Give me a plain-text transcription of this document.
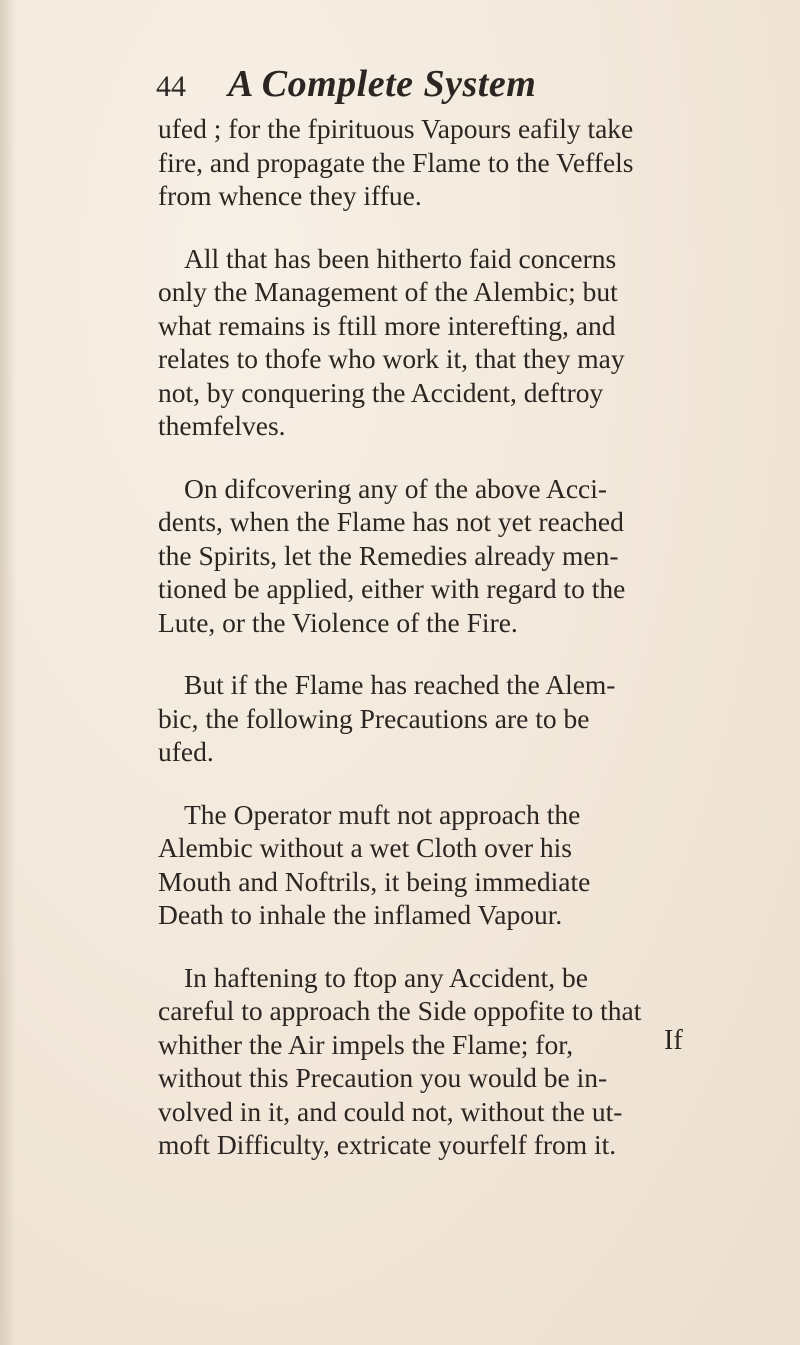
44 A Complete System
ufed ; for the fpirituous Vapours eafily take
fire, and propagate the Flame to the Veffels
from whence they iffue.
All that has been hitherto faid concerns
only the Management of the Alembic; but
what remains is ftill more interefting, and
relates to thofe who work it, that they may
not, by conquering the Accident, deftroy
themfelves.
On difcovering any of the above Acci-
dents, when the Flame has not yet reached
the Spirits, let the Remedies already men-
tioned be applied, either with regard to the
Lute, or the Violence of the Fire.
But if the Flame has reached the Alem-
bic, the following Precautions are to be
ufed.
The Operator muft not approach the
Alembic without a wet Cloth over his
Mouth and Noftrils, it being immediate
Death to inhale the inflamed Vapour.
In haftening to ftop any Accident, be
careful to approach the Side oppofite to that
whither the Air impels the Flame; for,
without this Precaution you would be in-
volved in it, and could not, without the ut-
moft Difficulty, extricate yourfelf from it.
If
